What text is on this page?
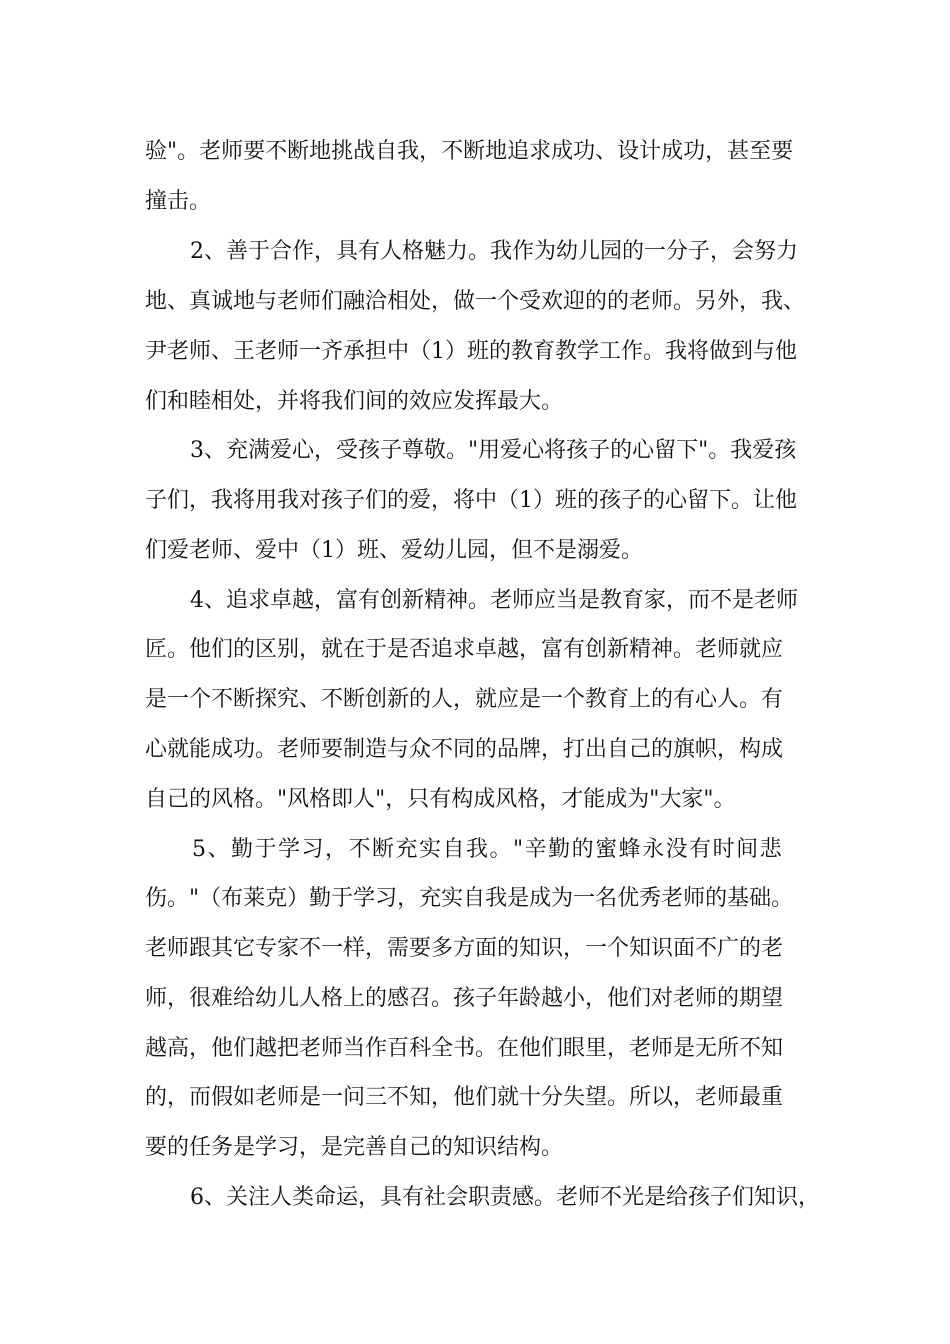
验"。老师要不断地挑战自我，不断地追求成功、设计成功，甚至要

撞击。

2、善于合作，具有人格魅力。我作为幼儿园的一分子，会努力

地、真诚地与老师们融洽相处，做一个受欢迎的的老师。另外，我、

尹老师、王老师一齐承担中（1）班的教育教学工作。我将做到与他

们和睦相处，并将我们间的效应发挥最大。

3、充满爱心，受孩子尊敬。"用爱心将孩子的心留下"。我爱孩

子们，我将用我对孩子们的爱，将中（1）班的孩子的心留下。让他

们爱老师、爱中（1）班、爱幼儿园，但不是溺爱。

4、追求卓越，富有创新精神。老师应当是教育家，而不是老师

匠。他们的区别，就在于是否追求卓越，富有创新精神。老师就应

是一个不断探究、不断创新的人，就应是一个教育上的有心人。有

心就能成功。老师要制造与众不同的品牌，打出自己的旗帜，构成

自己的风格。"风格即人"，只有构成风格，才能成为"大家"。

5、勤于学习，不断充实自我。"辛勤的蜜蜂永没有时间悲

伤。"（布莱克）勤于学习，充实自我是成为一名优秀老师的基础。

老师跟其它专家不一样，需要多方面的知识，一个知识面不广的老

师，很难给幼儿人格上的感召。孩子年龄越小，他们对老师的期望

越高，他们越把老师当作百科全书。在他们眼里，老师是无所不知

的，而假如老师是一问三不知，他们就十分失望。所以，老师最重

要的任务是学习，是完善自己的知识结构。

6、关注人类命运，具有社会职责感。老师不光是给孩子们知识，
